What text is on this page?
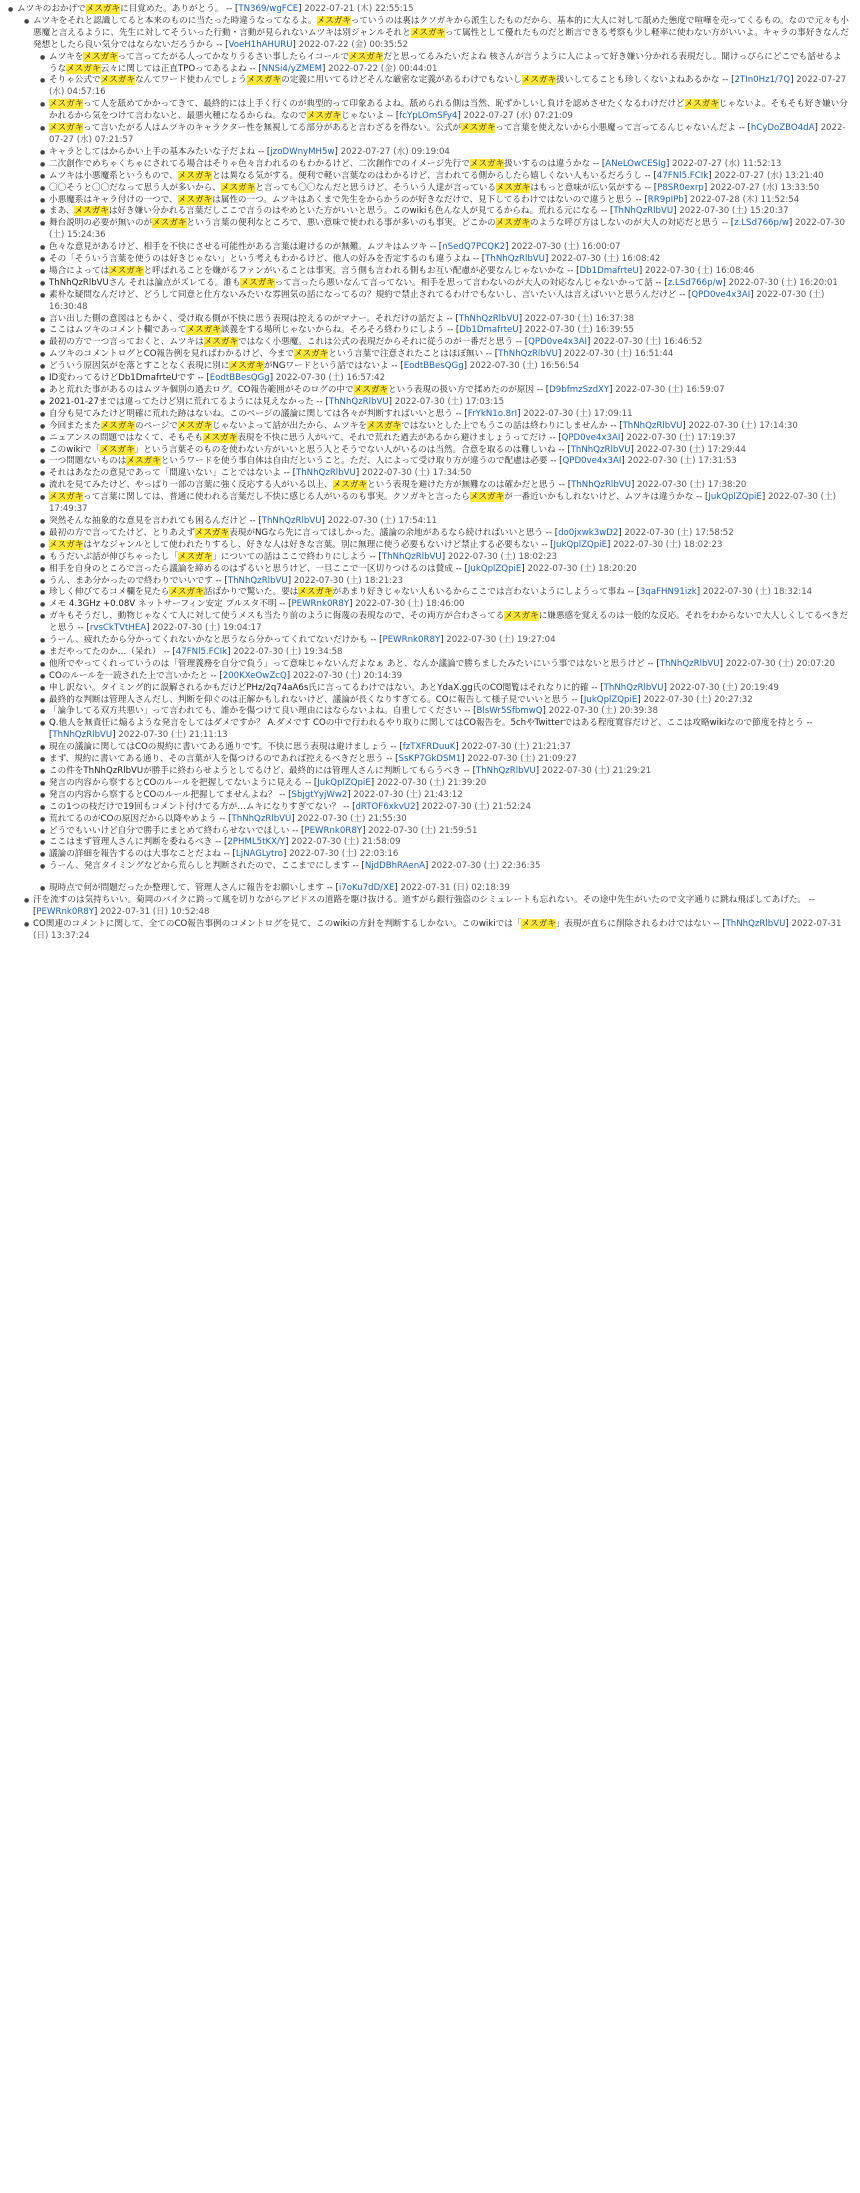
● ムツキのおかげでメスガキに目覚めた。ありがとう。 -- [TN369/wgFCE] 2022-07-21 (木) 22:55:15
● ムツキをそれと認識してると本来のものに当たった時違うなってなるよ。メスガキっていうのは裏はクソガキから派生したものだから、基本的に大人に対して舐めた態度で喧嘩を売ってくるもの。なので元々も小悪魔と言えるように、先生に対してそういった行動・言動が見られないムツキは別ジャンルそれとメスガキって属性として優れたものだと断言できる考察も少し軽率に使わない方がいいよ。キャラの事好きなんだ発想としたら良い気分ではならないだろうから -- [VoeH1hAHURU] 2022-07-22 (金) 00:35:52
● ムツキをメスガキって言ってたがる人ってかなりうるさい事したらイコールでメスガキだと思ってるみたいだよね 核さんが言うように人によって好き嫌い分かれる表現だし。聞けっぴらにどこでも話せるようなメスガキ云々に関しては正直TPOってあるよね -- [NNSi4/yZMEM] 2022-07-22 (金) 00:44:01
● そりゃ公式でメスガキなんてワード使わんでしょうメスガキの定義に用いてるけどそんな厳密な定義があるわけでもないしメスガキ扱いしてることも珍しくないよねあるかな -- [2TIn0Hz1/7Q] 2022-07-27 (水) 04:57:16
● メスガキって人を舐めてかかってきて、最終的には上手く行くのが典型的って印象あるよね。舐められる側は当然、恥ずかしいし負けを認めさせたくなるわけだけどメスガキじゃないよ。そもそも好き嫌い分かれるから気をつけて言わないと、最悪火種になるからね。なのでメスガキじゃないよ -- [fcYpLOmSFy4] 2022-07-27 (水) 07:21:09
● メスガキって言いたがる人はムツキのキャラクター性を無視してる部分があると言わざるを得ない。公式がメスガキって言葉を使えないから小悪魔って言ってるんじゃないんだよ -- [hCyDoZBO4dA] 2022-07-27 (水) 07:21:57
● キャラとしてはからかい上手の基本みたいな子だよね -- [jzoDWnyMH5w] 2022-07-27 (水) 09:19:04
● 二次創作でめちゃくちゃにされてる場合はそりゃ色々言われるのもわかるけど、二次創作でのイメージ先行でメスガキ扱いするのは違うかな -- [ANeLOwCESIg] 2022-07-27 (水) 11:52:13
● ムツキは小悪魔系というもので、メスガキとは異なる気がする。便利で軽い言葉なのはわかるけど、言われてる側からしたら嬉しくない人もいるだろうし -- [47FNl5.FCIk] 2022-07-27 (水) 13:21:40
● 〇〇そうと〇〇だなって思う人が多いから、メスガキと言っても〇〇なんだと思うけど、そういう人達が言っているメスガキはもっと意味が広い気がする -- [P8SR0exrp] 2022-07-27 (水) 13:33:50
● 小悪魔系はキャラ付けの一つで、メスガキは属性の一つ。ムツキはあくまで先生をからかうのが好きなだけで、見下してるわけではないので違うと思う -- [RR9pIPb] 2022-07-28 (木) 11:52:54
● まあ、メスガキは好き嫌い分かれる言葉だしここで言うのはやめといた方がいいと思う。このwikiも色んな人が見てるからね。荒れる元になる -- [ThNhQzRlbVU] 2022-07-30 (土) 15:20:37
● 舞台説明の必要が無いのがメスガキという言葉の便利なところで、悪い意味で使われる事が多いのも事実。どこかのメスガキのような呼び方はしないのが大人の対応だと思う -- [z.LSd766p/w] 2022-07-30 (土) 15:24:36
● 色々な意見があるけど、相手を不快にさせる可能性がある言葉は避けるのが無難。ムツキはムツキ -- [nSedQ7PCQK2] 2022-07-30 (土) 16:00:07
● その「そういう言葉を使うのは好きじゃない」という考えもわかるけど、他人の好みを否定するのも違うよね -- [ThNhQzRlbVU] 2022-07-30 (土) 16:08:42
● 場合によってはメスガキと呼ばれることを嫌がるファンがいることは事実。言う側も言われる側もお互い配慮が必要なんじゃないかな -- [Db1DmafrteU] 2022-07-30 (土) 16:08:46
● ThNhQzRlbVUさん それは論点がズレてる。誰もメスガキって言ったら悪いなんて言ってない。相手を思って言わないのが大人の対応なんじゃないかって話 -- [z.LSd766p/w] 2022-07-30 (土) 16:20:01
● 素朴な疑問なんだけど、どうして同意と仕方ないみたいな雰囲気の話になってるの？規約で禁止されてるわけでもないし、言いたい人は言えばいいと思うんだけど -- [QPD0ve4x3AI] 2022-07-30 (土) 16:30:48
● 言い出した側の意図はともかく、受け取る側が不快に思う表現は控えるのがマナー。それだけの話だよ -- [ThNhQzRlbVU] 2022-07-30 (土) 16:37:38
● ここはムツキのコメント欄であってメスガキ談義をする場所じゃないからね。そろそろ終わりにしよう -- [Db1DmafrteU] 2022-07-30 (土) 16:39:55
● 最初の方で一つ言っておくと、ムツキはメスガキではなく小悪魔。これは公式の表現だからそれに従うのが一番だと思う -- [QPD0ve4x3AI] 2022-07-30 (土) 16:46:52
● ムツキのコメントログとCO報告例を見ればわかるけど、今までメスガキという言葉で注意されたことはほぼ無い -- [ThNhQzRlbVU] 2022-07-30 (土) 16:51:44
● どういう原因気がを落とすことなく表現に別にメスガキがNGワードという話ではないよ -- [EodtBBesQGg] 2022-07-30 (土) 16:56:54
● ID変わってるけどDb1DmafrteUです -- [EodtBBesQGg] 2022-07-30 (土) 16:57:42
● あと荒れた事があるのはムツキ個別の過去ログ。CO報告範囲がそのログの中でメスガキという表現の扱い方で揉めたのが原因 -- [D9bfmzSzdXY] 2022-07-30 (土) 16:59:07
● 2021-01-27までは違ってたけど別に荒れてるようには見えなかった -- [ThNhQzRlbVU] 2022-07-30 (土) 17:03:15
● 自分も見てみたけど明確に荒れた跡はないね。このページの議論に関しては各々が判断すればいいと思う -- [FrYkN1o.8rI] 2022-07-30 (土) 17:09:11
● 今回またまたメスガキのページでメスガキじゃないよって話が出たから、ムツキをメスガキではないとした上でもうこの話は終わりにしませんか -- [ThNhQzRlbVU] 2022-07-30 (土) 17:14:30
● ニュアンスの問題ではなくて、そもそもメスガキ表現を不快に思う人がいて、それで荒れた過去があるから避けましょうってだけ -- [QPD0ve4x3AI] 2022-07-30 (土) 17:19:37
● このwikiで「メスガキ」という言葉そのものを使わない方がいいと思う人とそうでない人がいるのは当然。合意を取るのは難しいね -- [ThNhQzRlbVU] 2022-07-30 (土) 17:29:44
● 一つ問題ないものはメスガキというワードを使う事自体は自由だということ。ただ、人によって受け取り方が違うので配慮は必要 -- [QPD0ve4x3AI] 2022-07-30 (土) 17:31:53
● それはあなたの意見であって「間違いない」ことではないよ -- [ThNhQzRlbVU] 2022-07-30 (土) 17:34:50
● 流れを見てみたけど、やっぱり一部の言葉に強く反応する人がいる以上、メスガキという表現を避けた方が無難なのは確かだと思う -- [ThNhQzRlbVU] 2022-07-30 (土) 17:38:20
● メスガキって言葉に関しては、普通に使われる言葉だし不快に感じる人がいるのも事実。クソガキと言ったらメスガキが一番近いかもしれないけど、ムツキは違うかな -- [JukQplZQpiE] 2022-07-30 (土) 17:49:37
● 突然そんな抽象的な意見を言われても困るんだけど -- [ThNhQzRlbVU] 2022-07-30 (土) 17:54:11
● 最初の方で言ってたけど、とりあえずメスガキ表現がNGなら先に言ってほしかった。議論の余地があるなら続ければいいと思う -- [do0jxwk3wD2] 2022-07-30 (土) 17:58:52
● メスガキはヤなジャンルとして使われたりするし、好きな人は好きな言葉。別に無理に使う必要もないけど禁止する必要もない -- [JukQplZQpiE] 2022-07-30 (土) 18:02:23
● もうだいぶ話が伸びちゃったし「メスガキ」についての話はここで終わりにしよう -- [ThNhQzRlbVU] 2022-07-30 (土) 18:02:23
● 相手を自身のところで言ったら議論を締めるのはずるいと思うけど、一旦ここで一区切りつけるのは賛成 -- [JukQplZQpiE] 2022-07-30 (土) 18:20:20
● うん、まあ分かったので終わりでいいです -- [ThNhQzRlbVU] 2022-07-30 (土) 18:21:23
● 珍しく伸びてるコメ欄を見たらメスガキ話ばかりで驚いた。要はメスガキがあまり好きじゃない人もいるからここでは言わないようにしようって事ね -- [3qaFHN91izk] 2022-07-30 (土) 18:32:14
● メモ 4.3GHz +0.08V ネットサーフィン安定 プルスタ不明 -- [PEWRnk0R8Y] 2022-07-30 (土) 18:46:00
● ガキもそうだし、動物じゃなくて人に対して使うメスも当たり前のように侮蔑の表現なので、その両方が合わさってるメスガキに嫌悪感を覚えるのは一般的な反応。それをわからないで大人しくしてるべきだと思う -- [rvsCkTVtHEA] 2022-07-30 (土) 19:04:17
● うーん、疲れたから分かってくれないかなと思うなら分かってくれてないだけかも -- [PEWRnk0R8Y] 2022-07-30 (土) 19:27:04
● まだやってたのか…（呆れ） -- [47FNl5.FCIk] 2022-07-30 (土) 19:34:58
● 他所でやってくれっていうのは「管理義務を自分で負う」って意味じゃないんだよなぁ あと、なんか議論で勝ちましたみたいにいう事ではないと思うけど -- [ThNhQzRlbVU] 2022-07-30 (土) 20:07:20
● COのルールを一読された上で言いかたと -- [200KXeOwZcQ] 2022-07-30 (土) 20:14:39
● 申し訳ない。タイミング的に誤解されるかもだけどPHz/2q74aA6s氏に言ってるわけではない。あとYdaX.gg氏のCO閲覧はそれなりに的確 -- [ThNhQzRlbVU] 2022-07-30 (土) 20:19:49
● 最終的な判断は管理人さんだし、判断を仰ぐのは正解かもしれないけど、議論が長くなりすぎてる。COに報告して様子見でいいと思う -- [JukQplZQpiE] 2022-07-30 (土) 20:27:32
● 「論争してる双方共悪い」って言われても、誰かを傷つけて良い理由にはならないよね。自重してください -- [BlsWr5SfbmwQ] 2022-07-30 (土) 20:39:38
● Q.他人を無責任に煽るような発言をしてはダメですか？ A.ダメです COの中で行われるやり取りに関してはCO報告を。5chやTwitterではある程度寛容だけど、ここは攻略wikiなので節度を持とう -- [ThNhQzRlbVU] 2022-07-30 (土) 21:11:13
● 現在の議論に関してはCOの規約に書いてある通りです。不快に思う表現は避けましょう -- [fzTXFRDuuK] 2022-07-30 (土) 21:21:37
● まず、規約に書いてある通り、その言葉が人を傷つけるのであれば控えるべきだと思う -- [SsKP7GkDSM1] 2022-07-30 (土) 21:09:27
● この件をThNhQzRlbVUが勝手に終わらせようとしてるけど、最終的には管理人さんに判断してもらうべき -- [ThNhQzRlbVU] 2022-07-30 (土) 21:29:21
● 発言の内容から察するとCOのルールを把握してないように見える -- [JukQplZQpiE] 2022-07-30 (土) 21:39:20
● 発言の内容から察するとCOのルール把握してませんよね？ -- [SbjgtYyjWw2] 2022-07-30 (土) 21:43:12
● この1つの枝だけで19回もコメント付けてる方が…ムキになりすぎてない？ -- [dRTOF6xkvU2] 2022-07-30 (土) 21:52:24
● 荒れてるのがCOの原因だから以降やめよう -- [ThNhQzRlbVU] 2022-07-30 (土) 21:55:30
● どうでもいいけど自分で勝手にまとめて終わらせないでほしい -- [PEWRnk0R8Y] 2022-07-30 (土) 21:59:51
● ここはまず管理人さんに判断を委ねるべき -- [2PHML5tKX/Y] 2022-07-30 (土) 21:58:09
● 議論の詳細を報告するのは大事なことだよね -- [LjNAGLytro] 2022-07-30 (土) 22:03:16
● うーん、発言タイミングなどから荒らしと判断されたので、ここまでにします -- [NjdDBhRAenA] 2022-07-30 (土) 22:36:35
● 現時点で何が問題だったか整理して、管理人さんに報告をお願いします -- [i7oKu7dD/XE] 2022-07-31 (日) 02:18:39
● 汗を流すのは気持ちいい。菊岡のバイクに跨って風を切りながらアビドスの道路を駆け抜ける。道すがら銀行強盗のシミュレートも忘れない。その途中先生がいたので文字通りに跳ね飛ばしてあげた。 -- [PEWRnk0R8Y] 2022-07-31 (日) 10:52:48
● CO関連のコメントに関して、全てのCO報告事例のコメントログを見て、このwikiの方針を判断するしかない。このwikiでは「メスガキ」表現が直ちに削除されるわけではない -- [ThNhQzRlbVU] 2022-07-31 (日) 13:37:24
